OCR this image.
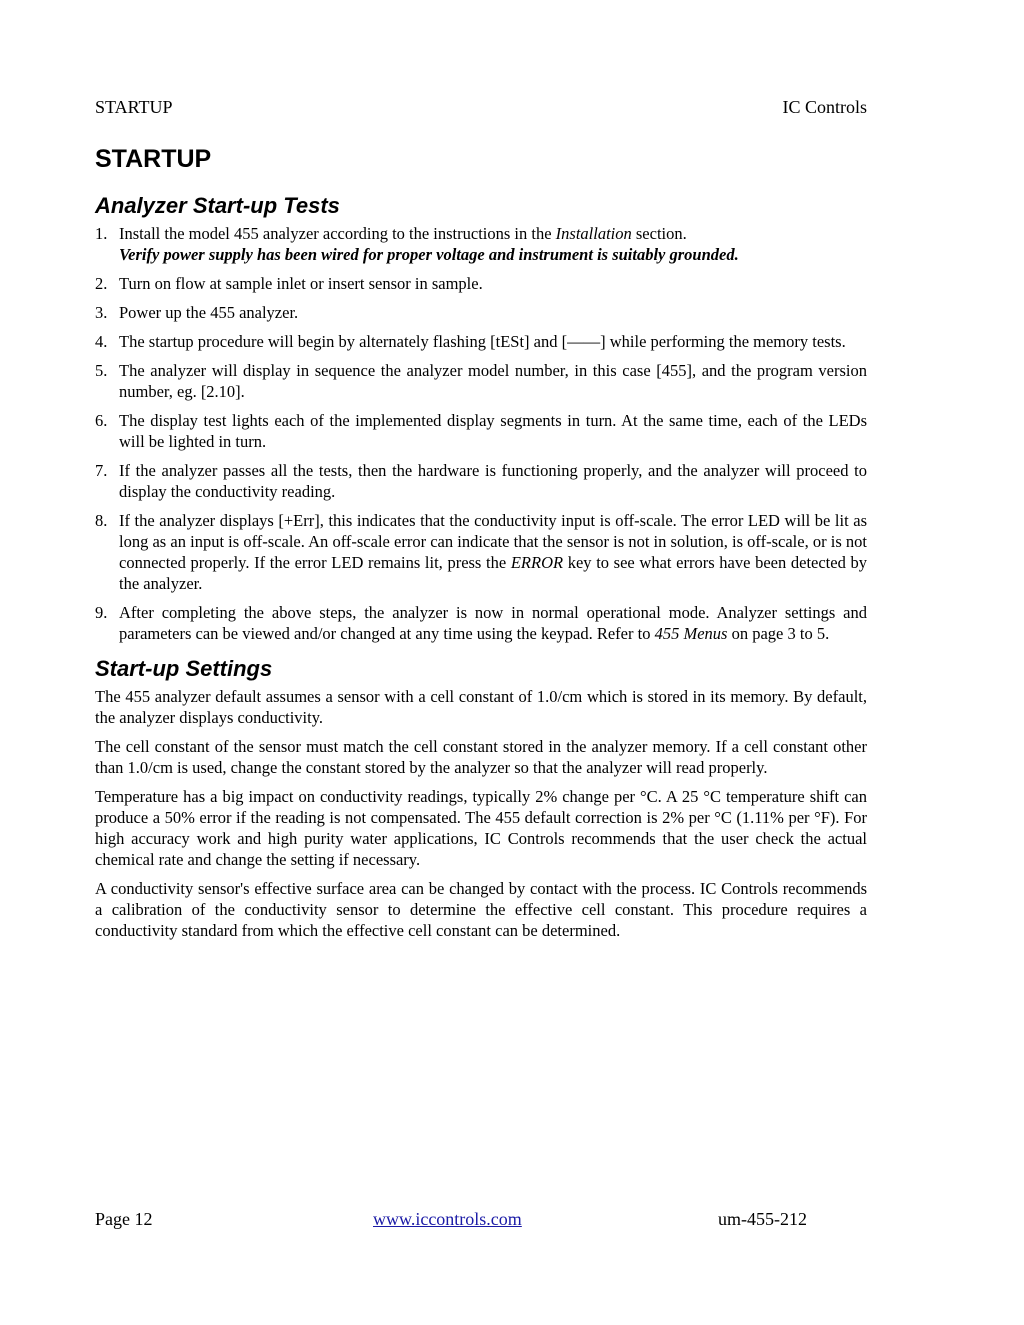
STARTUP	IC Controls
STARTUP
Analyzer Start-up Tests
1. Install the model 455 analyzer according to the instructions in the Installation section.
Verify power supply has been wired for proper voltage and instrument is suitably grounded.
2. Turn on flow at sample inlet or insert sensor in sample.
3. Power up the 455 analyzer.
4. The startup procedure will begin by alternately flashing [tESt] and [——] while performing the memory tests.
5. The analyzer will display in sequence the analyzer model number, in this case [455], and the program version number, eg. [2.10].
6. The display test lights each of the implemented display segments in turn. At the same time, each of the LEDs will be lighted in turn.
7. If the analyzer passes all the tests, then the hardware is functioning properly, and the analyzer will proceed to display the conductivity reading.
8. If the analyzer displays [+Err], this indicates that the conductivity input is off-scale. The error LED will be lit as long as an input is off-scale. An off-scale error can indicate that the sensor is not in solution, is off-scale, or is not connected properly. If the error LED remains lit, press the ERROR key to see what errors have been detected by the analyzer.
9. After completing the above steps, the analyzer is now in normal operational mode. Analyzer settings and parameters can be viewed and/or changed at any time using the keypad. Refer to 455 Menus on page 3 to 5.
Start-up Settings

The 455 analyzer default assumes a sensor with a cell constant of 1.0/cm which is stored in its memory. By default, the analyzer displays conductivity.

The cell constant of the sensor must match the cell constant stored in the analyzer memory. If a cell constant other than 1.0/cm is used, change the constant stored by the analyzer so that the analyzer will read properly.

Temperature has a big impact on conductivity readings, typically 2% change per °C. A 25 °C temperature shift can produce a 50% error if the reading is not compensated. The 455 default correction is 2% per °C (1.11% per °F). For high accuracy work and high purity water applications, IC Controls recommends that the user check the actual chemical rate and change the setting if necessary.

A conductivity sensor's effective surface area can be changed by contact with the process. IC Controls recommends a calibration of the conductivity sensor to determine the effective cell constant. This procedure requires a conductivity standard from which the effective cell constant can be determined.

Page 12	www.iccontrols.com	um-455-212
